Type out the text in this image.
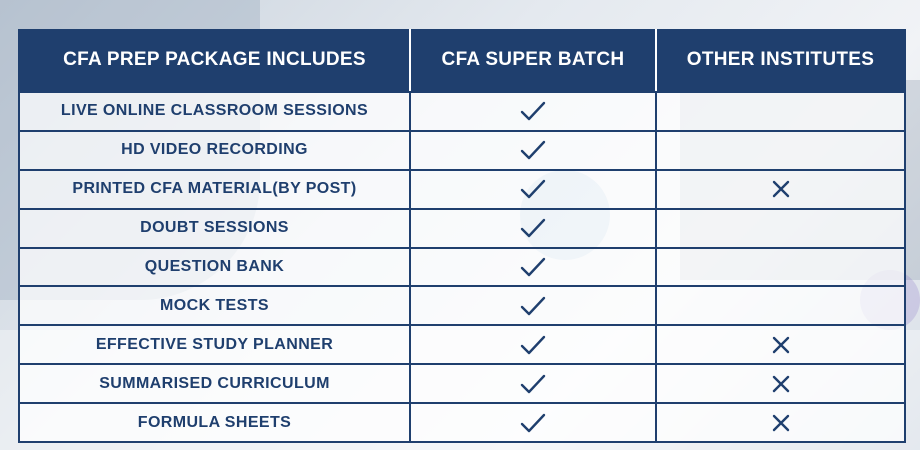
CFA PREP PACKAGE INCLUDES	CFA SUPER BATCH	OTHER INSTITUTES
LIVE ONLINE CLASSROOM SESSIONS
HD VIDEO RECORDING
PRINTED CFA MATERIAL(BY POST)
DOUBT SESSIONS
QUESTION BANK
MOCK TESTS
EFFECTIVE STUDY PLANNER
SUMMARISED CURRICULUM
FORMULA SHEETS
